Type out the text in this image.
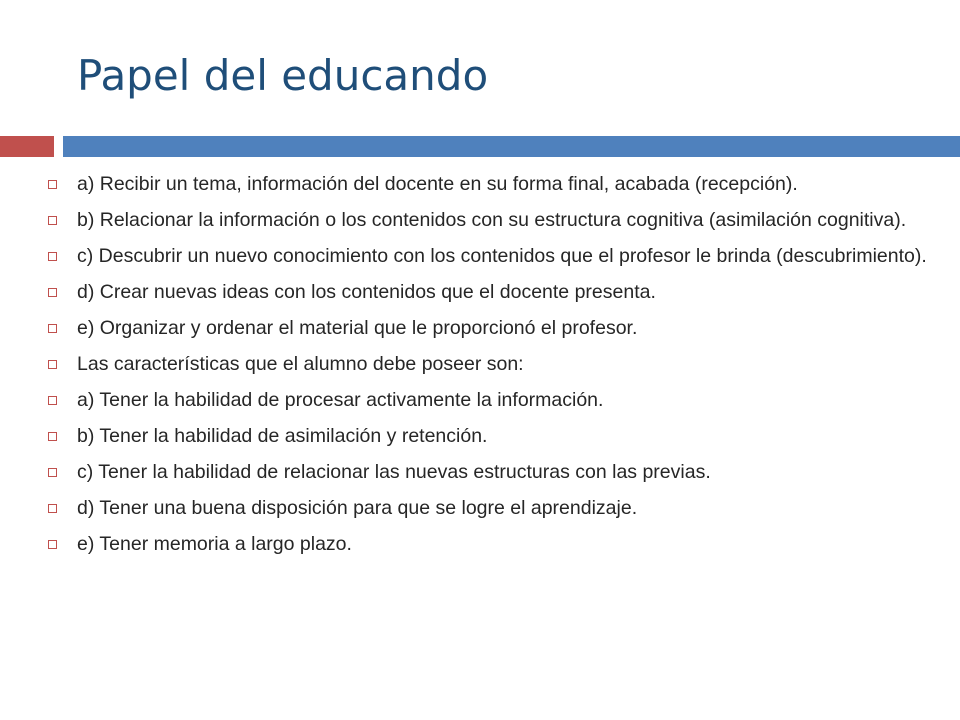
Papel del educando
a) Recibir un tema, información del docente en su forma final, acabada (recepción).
b) Relacionar la información o los contenidos con su estructura cognitiva (asimilación cognitiva).
c) Descubrir un nuevo conocimiento con los contenidos que el profesor le brinda (descubrimiento).
d) Crear nuevas ideas con los contenidos que el docente presenta.
e) Organizar y ordenar el material que le proporcionó el profesor.
Las características que el alumno debe poseer son:
a) Tener la habilidad de procesar activamente la información.
b) Tener la habilidad de asimilación y retención.
c) Tener la habilidad de relacionar las nuevas estructuras con las previas.
d) Tener una buena disposición para que se logre el aprendizaje.
e) Tener memoria a largo plazo.
